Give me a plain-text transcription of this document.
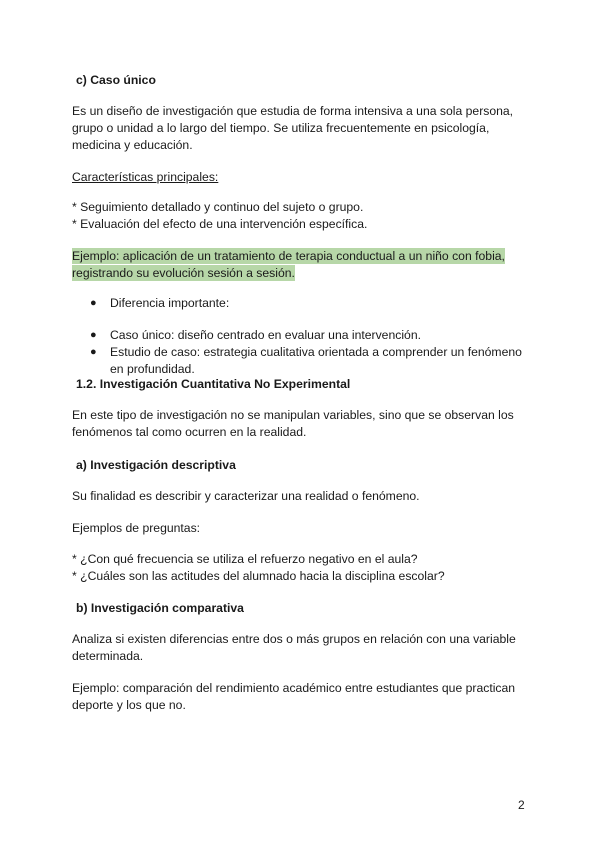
c) Caso único
Es un diseño de investigación que estudia de forma intensiva a una sola persona,
grupo o unidad a lo largo del tiempo. Se utiliza frecuentemente en psicología,
medicina y educación.
Características principales:
* Seguimiento detallado y continuo del sujeto o grupo.
* Evaluación del efecto de una intervención específica.
Ejemplo: aplicación de un tratamiento de terapia conductual a un niño con fobia,
registrando su evolución sesión a sesión.
● Diferencia importante:
● Caso único: diseño centrado en evaluar una intervención.
● Estudio de caso: estrategia cualitativa orientada a comprender un fenómeno
en profundidad.
1.2. Investigación Cuantitativa No Experimental
En este tipo de investigación no se manipulan variables, sino que se observan los
fenómenos tal como ocurren en la realidad.
a) Investigación descriptiva
Su finalidad es describir y caracterizar una realidad o fenómeno.
Ejemplos de preguntas:
* ¿Con qué frecuencia se utiliza el refuerzo negativo en el aula?
* ¿Cuáles son las actitudes del alumnado hacia la disciplina escolar?
b) Investigación comparativa
Analiza si existen diferencias entre dos o más grupos en relación con una variable
determinada.
Ejemplo: comparación del rendimiento académico entre estudiantes que practican
deporte y los que no.
2
